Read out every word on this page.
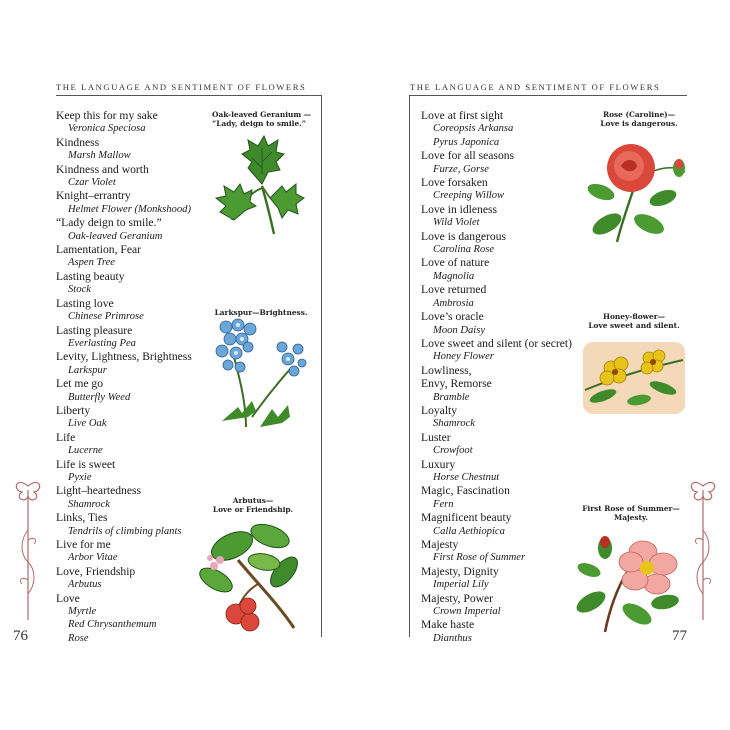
THE LANGUAGE AND SENTIMENT OF FLOWERS
Keep this for my sake
Veronica Speciosa
Kindness
Marsh Mallow
Kindness and worth
Czar Violet
Knight–errantry
Helmet Flower (Monkshood)
“Lady deign to smile.”
Oak-leaved Geranium
Lamentation, Fear
Aspen Tree
Lasting beauty
Stock
Lasting love
Chinese Primrose
Lasting pleasure
Everlasting Pea
Levity, Lightness, Brightness
Larkspur
Let me go
Butterfly Weed
Liberty
Live Oak
Life
Lucerne
Life is sweet
Pyxie
Light–heartedness
Shamrock
Links, Ties
Tendrils of climbing plants
Live for me
Arbor Vitae
Love, Friendship
Arbutus
Love
Myrtle
Red Chrysanthemum
Rose
Oak-leaved Geranium —
“Lady, deign to smile.”
Larkspur—Brightness.
Arbutus—
Love or Friendship.
76
THE LANGUAGE AND SENTIMENT OF FLOWERS
Love at first sight
Coreopsis Arkansa
Pyrus Japonica
Love for all seasons
Furze, Gorse
Love forsaken
Creeping Willow
Love in idleness
Wild Violet
Love is dangerous
Carolina Rose
Love of nature
Magnolia
Love returned
Ambrosia
Love’s oracle
Moon Daisy
Love sweet and silent (or secret)
Honey Flower
Lowliness,
Envy, Remorse
Bramble
Loyalty
Shamrock
Luster
Crowfoot
Luxury
Horse Chestnut
Magic, Fascination
Fern
Magnificent beauty
Calla Aethiopica
Majesty
First Rose of Summer
Majesty, Dignity
Imperial Lily
Majesty, Power
Crown Imperial
Make haste
Dianthus
Rose (Caroline)—
Love is dangerous.
Honey-flower—
Love sweet and silent.
First Rose of Summer—
Majesty.
77
